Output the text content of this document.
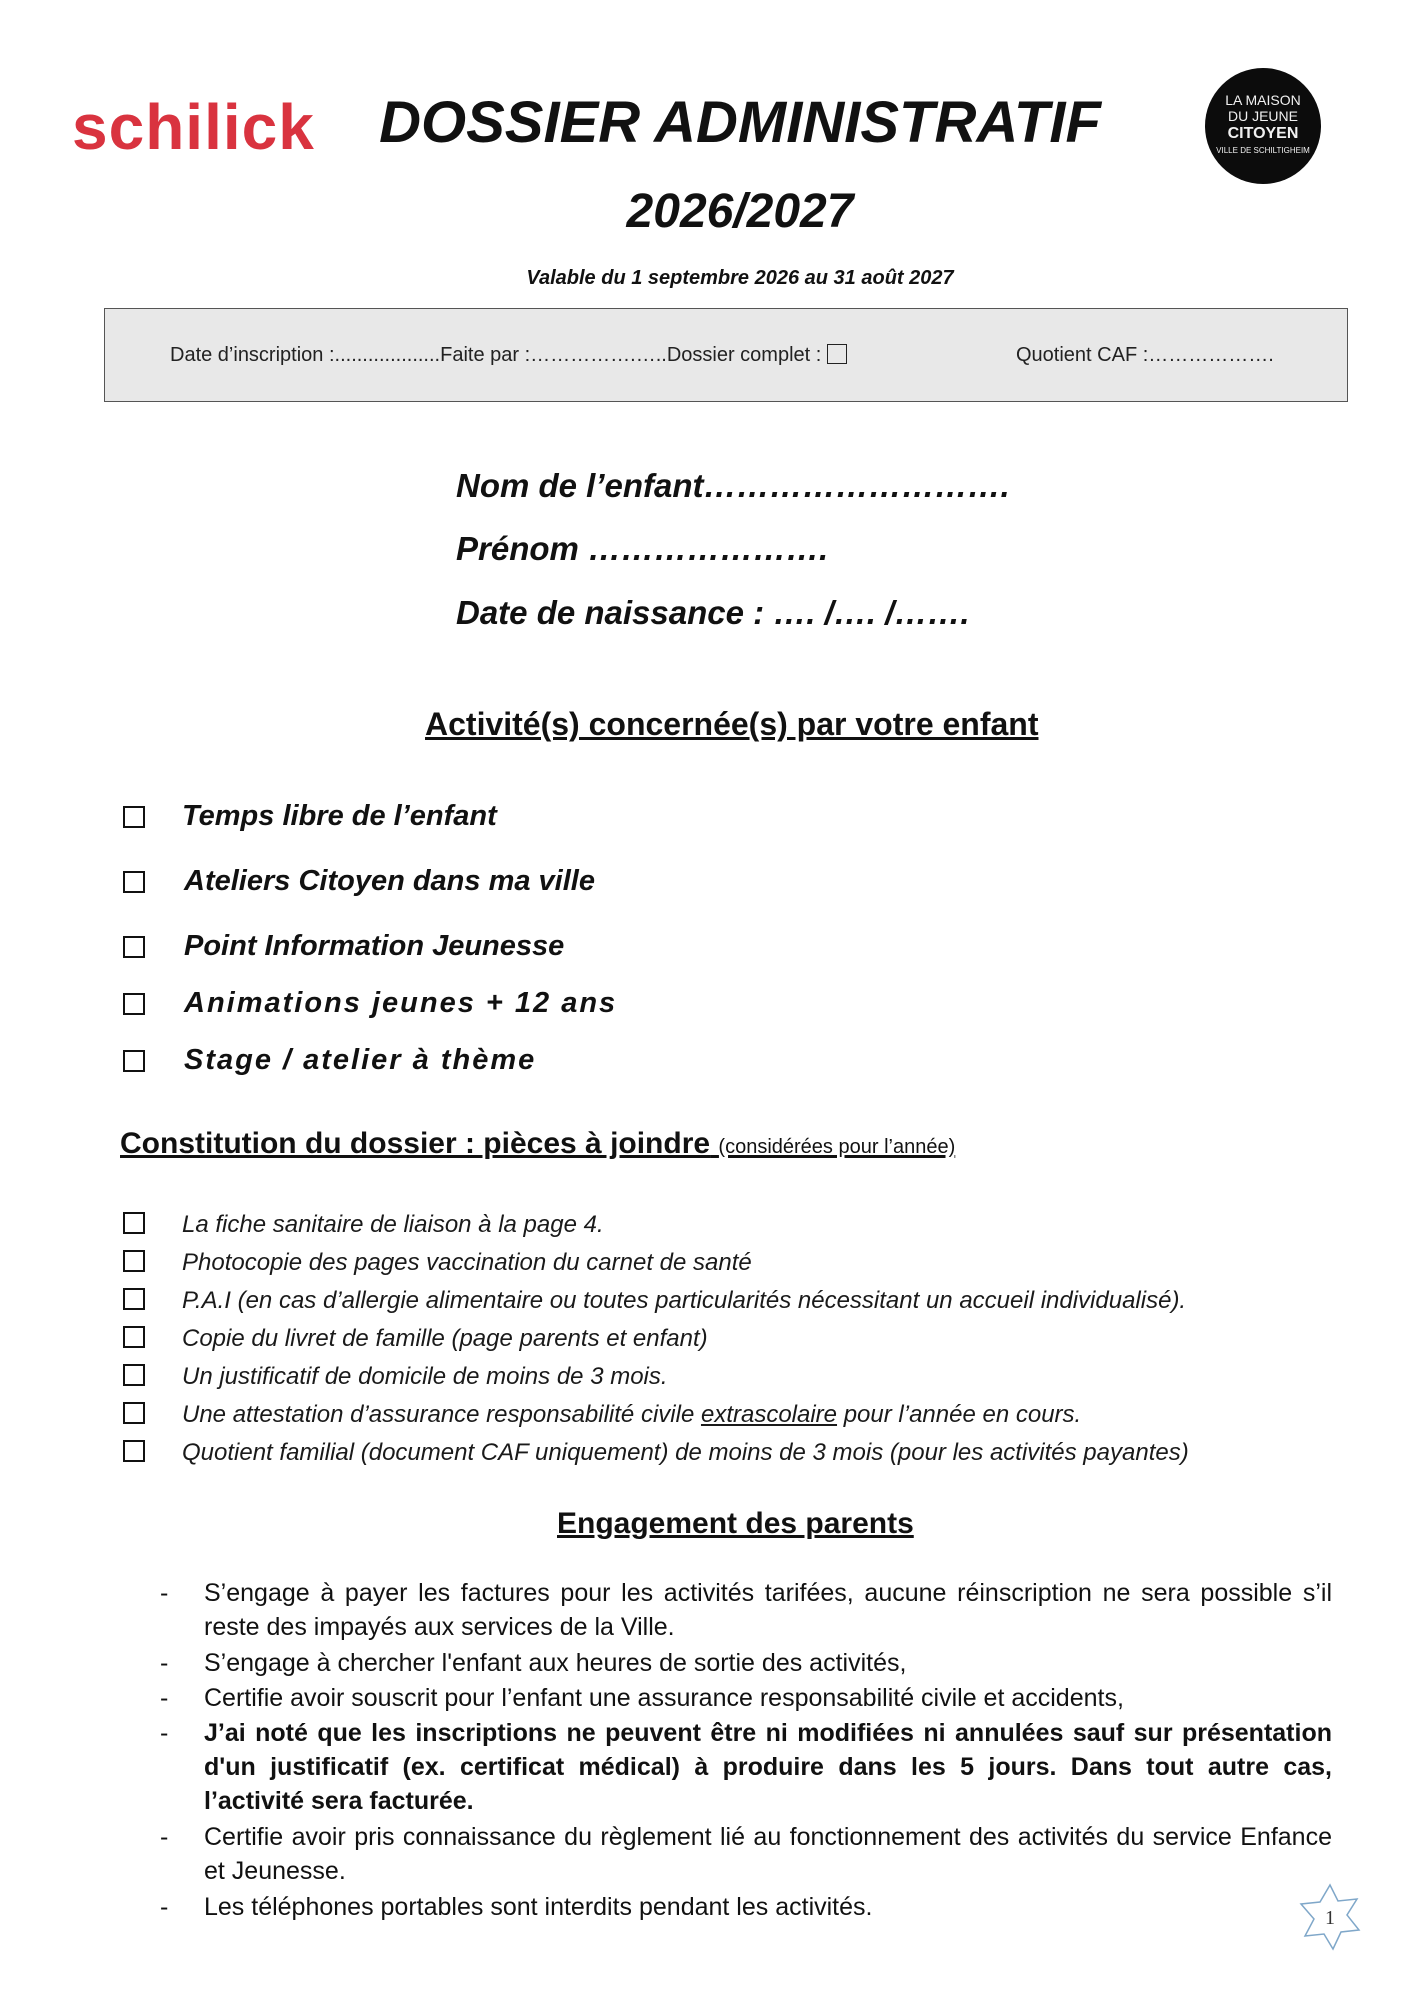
schilick	LA MAISON
DU JEUNE
CITOYEN
VILLE DE SCHILTIGHEIM
DOSSIER ADMINISTRATIF
2026/2027
Valable du 1 septembre 2026 au 31 août 2027
Date d’inscription :...................Faite par :…………….…..Dossier complet :	Quotient CAF :……………….
Nom de l’enfant……………………….
Prénom ………………….
Date de naissance : …. /…. /…….
Activité(s) concernée(s) par votre enfant
Temps libre de l’enfant
Ateliers Citoyen dans ma ville
Point Information Jeunesse
Animations jeunes + 12 ans
Stage / atelier à thème
Constitution du dossier : pièces à joindre (considérées pour l’année)
La fiche sanitaire de liaison à la page 4.
Photocopie des pages vaccination du carnet de santé
P.A.I (en cas d’allergie alimentaire ou toutes particularités nécessitant un accueil individualisé).
Copie du livret de famille (page parents et enfant)
Un justificatif de domicile de moins de 3 mois.
Une attestation d’assurance responsabilité civile extrascolaire pour l’année en cours.
Quotient familial (document CAF uniquement) de moins de 3 mois (pour les activités payantes)
Engagement des parents
- S’engage à payer les factures pour les activités tarifées, aucune réinscription ne sera possible s’il reste des impayés aux services de la Ville.
- S’engage à chercher l'enfant aux heures de sortie des activités,
- Certifie avoir souscrit pour l’enfant une assurance responsabilité civile et accidents,
- J’ai noté que les inscriptions ne peuvent être ni modifiées ni annulées sauf sur présentation d'un justificatif (ex. certificat médical) à produire dans les 5 jours. Dans tout autre cas, l’activité sera facturée.
- Certifie avoir pris connaissance du règlement lié au fonctionnement des activités du service Enfance et Jeunesse.
- Les téléphones portables sont interdits pendant les activités.	1
